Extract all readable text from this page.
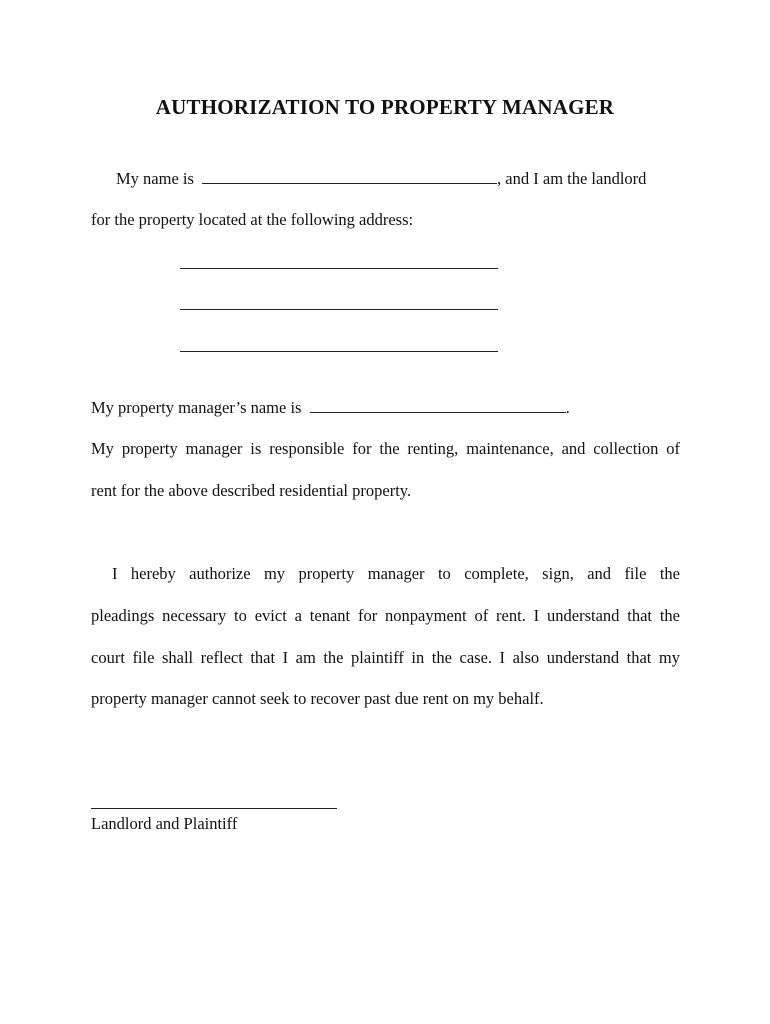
AUTHORIZATION TO PROPERTY MANAGER
My name is	, and I am the landlord
for the property located at the following address:
My property manager’s name is	.
My property manager is responsible for the renting, maintenance, and collection of
rent for the above described residential property.
I hereby authorize my property manager to complete, sign, and file the
pleadings necessary to evict a tenant for nonpayment of rent. I understand that the
court file shall reflect that I am the plaintiff in the case. I also understand that my
property manager cannot seek to recover past due rent on my behalf.
Landlord and Plaintiff
